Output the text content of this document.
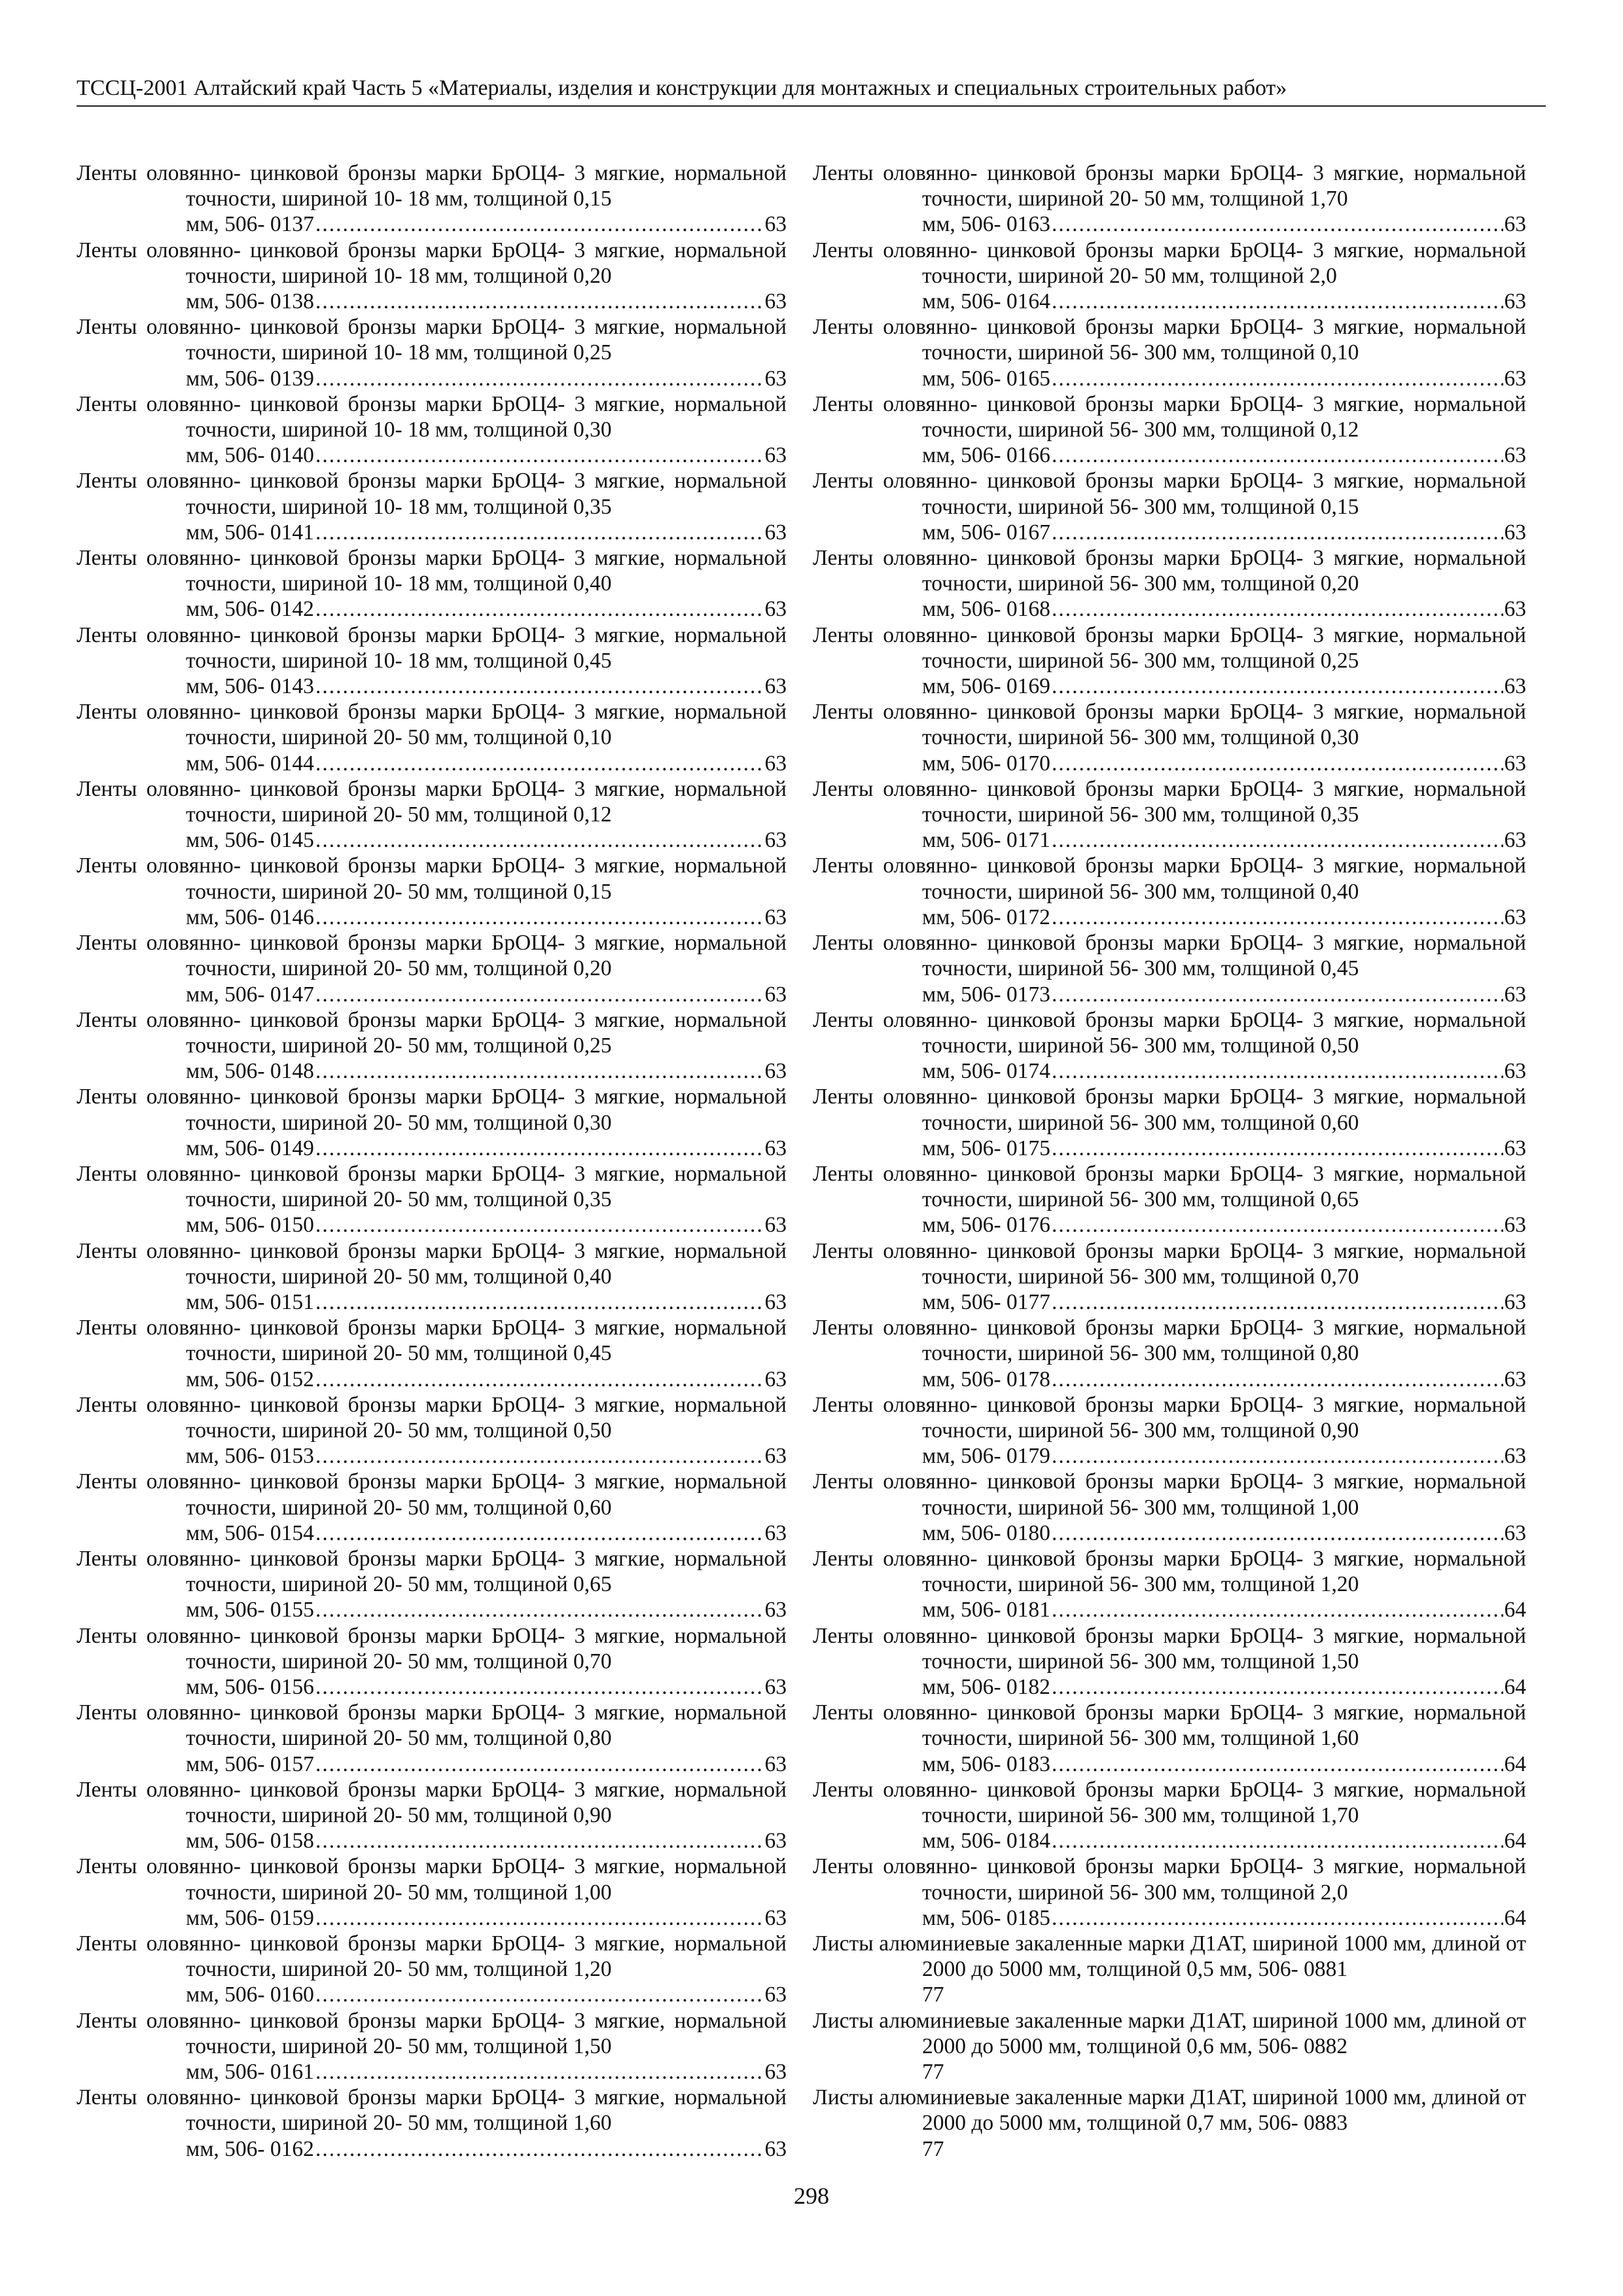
ТССЦ-2001 Алтайский край Часть 5 «Материалы, изделия и конструкции для монтажных и специальных строительных работ»
Ленты оловянно- цинковой бронзы марки БрОЦ4- 3 мягкие, нормальной точности, шириной 10- 18 мм, толщиной 0,15
мм, 506- 0137 .....	63
Ленты оловянно- цинковой бронзы марки БрОЦ4- 3 мягкие, нормальной точности, шириной 10- 18 мм, толщиной 0,20
мм, 506- 0138 .....	63
Ленты оловянно- цинковой бронзы марки БрОЦ4- 3 мягкие, нормальной точности, шириной 10- 18 мм, толщиной 0,25
мм, 506- 0139 .....	63
Ленты оловянно- цинковой бронзы марки БрОЦ4- 3 мягкие, нормальной точности, шириной 10- 18 мм, толщиной 0,30
мм, 506- 0140 .....	63
Ленты оловянно- цинковой бронзы марки БрОЦ4- 3 мягкие, нормальной точности, шириной 10- 18 мм, толщиной 0,35
мм, 506- 0141 .....	63
Ленты оловянно- цинковой бронзы марки БрОЦ4- 3 мягкие, нормальной точности, шириной 10- 18 мм, толщиной 0,40
мм, 506- 0142 .....	63
Ленты оловянно- цинковой бронзы марки БрОЦ4- 3 мягкие, нормальной точности, шириной 10- 18 мм, толщиной 0,45
мм, 506- 0143 .....	63
Ленты оловянно- цинковой бронзы марки БрОЦ4- 3 мягкие, нормальной точности, шириной 20- 50 мм, толщиной 0,10
мм, 506- 0144 .....	63
Ленты оловянно- цинковой бронзы марки БрОЦ4- 3 мягкие, нормальной точности, шириной 20- 50 мм, толщиной 0,12
мм, 506- 0145 .....	63
Ленты оловянно- цинковой бронзы марки БрОЦ4- 3 мягкие, нормальной точности, шириной 20- 50 мм, толщиной 0,15
мм, 506- 0146 .....	63
Ленты оловянно- цинковой бронзы марки БрОЦ4- 3 мягкие, нормальной точности, шириной 20- 50 мм, толщиной 0,20
мм, 506- 0147 .....	63
Ленты оловянно- цинковой бронзы марки БрОЦ4- 3 мягкие, нормальной точности, шириной 20- 50 мм, толщиной 0,25
мм, 506- 0148 .....	63
Ленты оловянно- цинковой бронзы марки БрОЦ4- 3 мягкие, нормальной точности, шириной 20- 50 мм, толщиной 0,30
мм, 506- 0149 .....	63
Ленты оловянно- цинковой бронзы марки БрОЦ4- 3 мягкие, нормальной точности, шириной 20- 50 мм, толщиной 0,35
мм, 506- 0150 .....	63
Ленты оловянно- цинковой бронзы марки БрОЦ4- 3 мягкие, нормальной точности, шириной 20- 50 мм, толщиной 0,40
мм, 506- 0151 .....	63
Ленты оловянно- цинковой бронзы марки БрОЦ4- 3 мягкие, нормальной точности, шириной 20- 50 мм, толщиной 0,45
мм, 506- 0152 .....	63
Ленты оловянно- цинковой бронзы марки БрОЦ4- 3 мягкие, нормальной точности, шириной 20- 50 мм, толщиной 0,50
мм, 506- 0153 .....	63
Ленты оловянно- цинковой бронзы марки БрОЦ4- 3 мягкие, нормальной точности, шириной 20- 50 мм, толщиной 0,60
мм, 506- 0154 .....	63
Ленты оловянно- цинковой бронзы марки БрОЦ4- 3 мягкие, нормальной точности, шириной 20- 50 мм, толщиной 0,65
мм, 506- 0155 .....	63
Ленты оловянно- цинковой бронзы марки БрОЦ4- 3 мягкие, нормальной точности, шириной 20- 50 мм, толщиной 0,70
мм, 506- 0156 .....	63
Ленты оловянно- цинковой бронзы марки БрОЦ4- 3 мягкие, нормальной точности, шириной 20- 50 мм, толщиной 0,80
мм, 506- 0157 .....	63
Ленты оловянно- цинковой бронзы марки БрОЦ4- 3 мягкие, нормальной точности, шириной 20- 50 мм, толщиной 0,90
мм, 506- 0158 .....	63
Ленты оловянно- цинковой бронзы марки БрОЦ4- 3 мягкие, нормальной точности, шириной 20- 50 мм, толщиной 1,00
мм, 506- 0159 .....	63
Ленты оловянно- цинковой бронзы марки БрОЦ4- 3 мягкие, нормальной точности, шириной 20- 50 мм, толщиной 1,20
мм, 506- 0160 .....	63
Ленты оловянно- цинковой бронзы марки БрОЦ4- 3 мягкие, нормальной точности, шириной 20- 50 мм, толщиной 1,50
мм, 506- 0161 .....	63
Ленты оловянно- цинковой бронзы марки БрОЦ4- 3 мягкие, нормальной точности, шириной 20- 50 мм, толщиной 1,60
мм, 506- 0162 .....	63
Ленты оловянно- цинковой бронзы марки БрОЦ4- 3 мягкие, нормальной точности, шириной 20- 50 мм, толщиной 1,70
мм, 506- 0163 .....	63
Ленты оловянно- цинковой бронзы марки БрОЦ4- 3 мягкие, нормальной точности, шириной 20- 50 мм, толщиной 2,0
мм, 506- 0164 .....	63
Ленты оловянно- цинковой бронзы марки БрОЦ4- 3 мягкие, нормальной точности, шириной 56- 300 мм, толщиной 0,10
мм, 506- 0165 .....	63
Ленты оловянно- цинковой бронзы марки БрОЦ4- 3 мягкие, нормальной точности, шириной 56- 300 мм, толщиной 0,12
мм, 506- 0166 .....	63
Ленты оловянно- цинковой бронзы марки БрОЦ4- 3 мягкие, нормальной точности, шириной 56- 300 мм, толщиной 0,15
мм, 506- 0167 .....	63
Ленты оловянно- цинковой бронзы марки БрОЦ4- 3 мягкие, нормальной точности, шириной 56- 300 мм, толщиной 0,20
мм, 506- 0168 .....	63
Ленты оловянно- цинковой бронзы марки БрОЦ4- 3 мягкие, нормальной точности, шириной 56- 300 мм, толщиной 0,25
мм, 506- 0169 .....	63
Ленты оловянно- цинковой бронзы марки БрОЦ4- 3 мягкие, нормальной точности, шириной 56- 300 мм, толщиной 0,30
мм, 506- 0170 .....	63
Ленты оловянно- цинковой бронзы марки БрОЦ4- 3 мягкие, нормальной точности, шириной 56- 300 мм, толщиной 0,35
мм, 506- 0171 .....	63
Ленты оловянно- цинковой бронзы марки БрОЦ4- 3 мягкие, нормальной точности, шириной 56- 300 мм, толщиной 0,40
мм, 506- 0172 .....	63
Ленты оловянно- цинковой бронзы марки БрОЦ4- 3 мягкие, нормальной точности, шириной 56- 300 мм, толщиной 0,45
мм, 506- 0173 .....	63
Ленты оловянно- цинковой бронзы марки БрОЦ4- 3 мягкие, нормальной точности, шириной 56- 300 мм, толщиной 0,50
мм, 506- 0174 .....	63
Ленты оловянно- цинковой бронзы марки БрОЦ4- 3 мягкие, нормальной точности, шириной 56- 300 мм, толщиной 0,60
мм, 506- 0175 .....	63
Ленты оловянно- цинковой бронзы марки БрОЦ4- 3 мягкие, нормальной точности, шириной 56- 300 мм, толщиной 0,65
мм, 506- 0176 .....	63
Ленты оловянно- цинковой бронзы марки БрОЦ4- 3 мягкие, нормальной точности, шириной 56- 300 мм, толщиной 0,70
мм, 506- 0177 .....	63
Ленты оловянно- цинковой бронзы марки БрОЦ4- 3 мягкие, нормальной точности, шириной 56- 300 мм, толщиной 0,80
мм, 506- 0178 .....	63
Ленты оловянно- цинковой бронзы марки БрОЦ4- 3 мягкие, нормальной точности, шириной 56- 300 мм, толщиной 0,90
мм, 506- 0179 .....	63
Ленты оловянно- цинковой бронзы марки БрОЦ4- 3 мягкие, нормальной точности, шириной 56- 300 мм, толщиной 1,00
мм, 506- 0180 .....	63
Ленты оловянно- цинковой бронзы марки БрОЦ4- 3 мягкие, нормальной точности, шириной 56- 300 мм, толщиной 1,20
мм, 506- 0181 .....	64
Ленты оловянно- цинковой бронзы марки БрОЦ4- 3 мягкие, нормальной точности, шириной 56- 300 мм, толщиной 1,50
мм, 506- 0182 .....	64
Ленты оловянно- цинковой бронзы марки БрОЦ4- 3 мягкие, нормальной точности, шириной 56- 300 мм, толщиной 1,60
мм, 506- 0183 .....	64
Ленты оловянно- цинковой бронзы марки БрОЦ4- 3 мягкие, нормальной точности, шириной 56- 300 мм, толщиной 1,70
мм, 506- 0184 .....	64
Ленты оловянно- цинковой бронзы марки БрОЦ4- 3 мягкие, нормальной точности, шириной 56- 300 мм, толщиной 2,0
мм, 506- 0185 .....	64
Листы алюминиевые закаленные марки Д1АТ, шириной 1000 мм, длиной от 2000 до 5000 мм, толщиной 0,5 мм, 506- 0881
77
Листы алюминиевые закаленные марки Д1АТ, шириной 1000 мм, длиной от 2000 до 5000 мм, толщиной 0,6 мм, 506- 0882
77
Листы алюминиевые закаленные марки Д1АТ, шириной 1000 мм, длиной от 2000 до 5000 мм, толщиной 0,7 мм, 506- 0883
77
298
